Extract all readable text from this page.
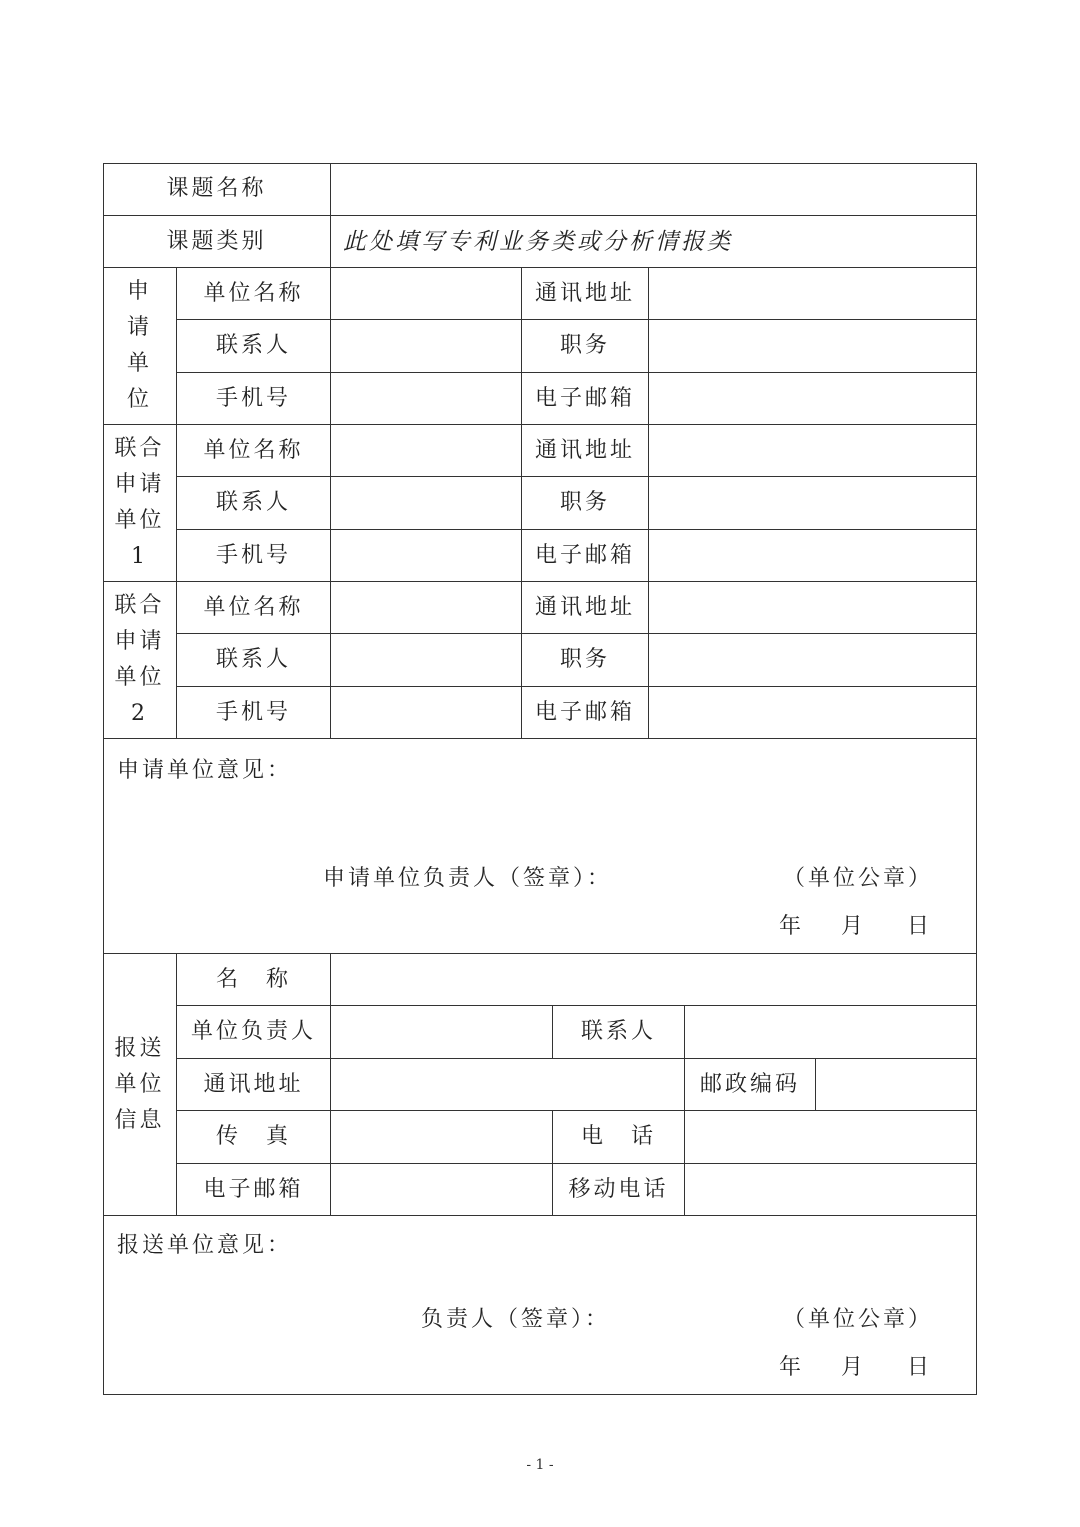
课题名称
课题类别	此处填写专利业务类或分析情报类
申请单位
单位名称	通讯地址
联系人	职务
手机号	电子邮箱
联合
申请
单位
1
单位名称	通讯地址
联系人	职务
手机号	电子邮箱
联合
申请
单位
2
单位名称	通讯地址
联系人	职务
手机号	电子邮箱
申请单位意见：
申请单位负责人（签章）：	（单位公章）
年 月 日
报送
单位
信息
名　称
单位负责人	联系人
通讯地址	邮政编码
传　真	电　话
电子邮箱	移动电话
报送单位意见：
负责人（签章）：	（单位公章）
年 月 日
- 1 -
